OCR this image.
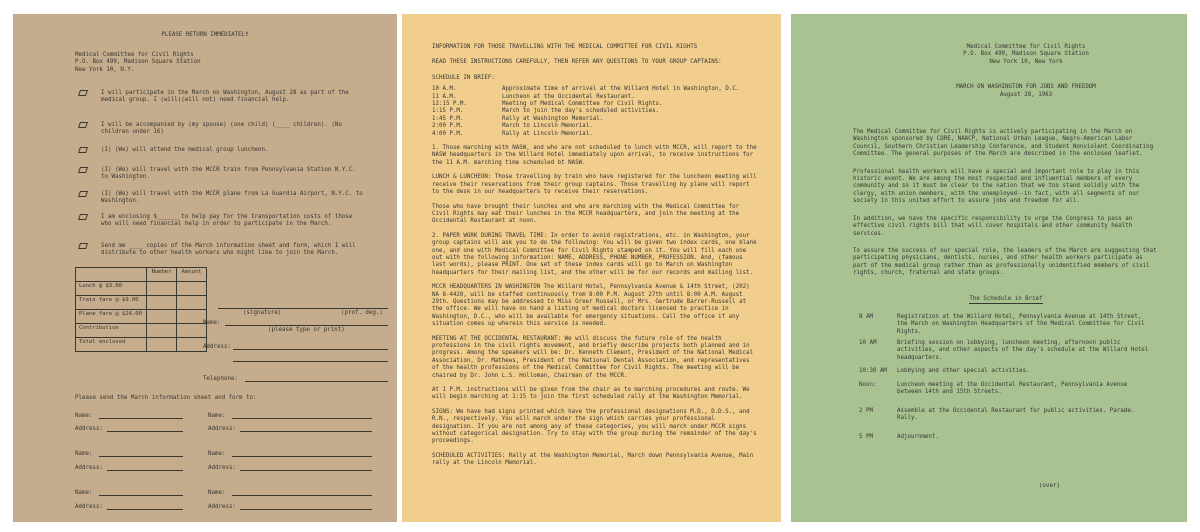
PLEASE RETURN IMMEDIATELY
Medical Committee for Civil Rights
P.O. Box 499, Madison Square Station
New York 10, N.Y.
I will participate in the March on Washington, August 28 as part of the medical group. I (will)(will not) need financial help.
I will be accompanied by (my spouse) (one child) (____ children). (No children under 16)
(I) (We) will attend the medical group luncheon.
(I) (We) will travel with the MCCR train from Pennsylvania Station N.Y.C. to Washington.
(I) (We) will travel with the MCCR plane from La Guardia Airport, N.Y.C. to Washington.
I am enclosing $______ to help pay for the transportation costs of those who will need financial help in order to participate in the March.
Send me ____ copies of the March information sheet and form, which I will distribute to other health workers who might like to join the March.
	Number	Amount
Lunch @ $3.00		
Train fare @ $9.00		
Plane fare @ $24.00		
Contribution		
Total enclosed		
(signature)	(prof. deg.)
Name:
(please type or print)
Address:
Telephone:
Please send the March information sheet and form to:
Name:
Address:
Name:
Address:
Name:
Address:
Name:
Address:
Name:
Address:
Name:
Address:

INFORMATION FOR THOSE TRAVELLING WITH THE MEDICAL COMMITTEE FOR CIVIL RIGHTS

READ THESE INSTRUCTIONS CAREFULLY, THEN REFER ANY QUESTIONS TO YOUR GROUP CAPTAINS:

SCHEDULE IN BRIEF:

10 A.M.	Approximate time of arrival at the Willard Hotel in Washington, D.C.
11 A.M.	Luncheon at the Occidental Restaurant.
12:15 P.M.	Meeting of Medical Committee for Civil Rights.
1:15 P.M.	March to join the day's scheduled activities.
1:45 P.M.	Rally at Washington Memorial.
2:00 P.M.	March to Lincoln Memorial.
4:00 P.M.	Rally at Lincoln Memorial.

1. Those marching with NASW, and who are not scheduled to lunch with MCCR, will report to the NASW headquarters in the Willard Hotel immediately upon arrival, to receive instructions for the 11 A.M. marching time scheduled bt NASW.

LUNCH & LUNCHEON: Those travelling by train who have registered for the luncheon meeting will receive their reservations from their group captains. Those travelling by plane will report to the desk in our headquarters to receive their reservations.

Those who have brought their lunches and who are marching with the Medical Committee for Civil Rights may eat their lunches in the MCCR headquarters, and join the meeting at the Occidental Restaurant at noon.

2. PAPER WORK DURING TRAVEL TIME: In order to avoid registrations, etc. in Washington, your group captains will ask you to do the following: You will be given two index cards, one blank one, and one with Medical Committee for Civil Rights stamped on it. You will fill each one out with the following information: NAME, ADDRESS, PHONE NUMBER, PROFESSION. And, (famous last words), please PRINT. One set of these index cards will go to March on Washington headquarters for their mailing list, and the other will be for our records and mailing list.

MCCR HEADQUARTERS IN WASHINGTON The Willard Hotel, Pennsylvania Avenue & 14th Street, (202) NA 8-4420, will be staffed continuously from 8:00 P.M. August 27th until 8:00 A.M. August 29th. Questions may be addressed to Miss Greer Russell, or Mrs. Gertrude Barrer-Russell at the office. We will have on hand a listing of medical doctors licensed to practice in Washington, D.C., who will be available for emergency situations. Call the office if any situation comes up wherein this service is needed.

MEETING AT THE OCCIDENTAL RESTAURANT: We will discuss the future role of the health professions in the civil rights movement, and briefly describe projects both planned and in progress. Among the speakers will be: Dr. Kenneth Clement, President of the National Medical Association, Dr. Mathews, President of the National Dental Association, and representatives of the health professions of the Medical Committee for Civil Rights. The meeting will be chaired by Dr. John L.S. Holloman, Chairman of the MCCR.

At 1 P.M. instructions will be given from the chair as to marching procedures and route. We will begin marching at 1:15 to join the first scheduled rally at the Washington Memorial.

SIGNS: We have had signs printed which have the professional designations M.D., D.D.S., and R.N., respectively. You will march under the sign which carries your professional designation. If you are not among any of these categories, you will march under MCCR signs without categorical designation. Try to stay with the group during the remainder of the day's proceedings.

SCHEDULED ACTIVITIES: Rally at the Washington Memorial, March down Pennsylvania Avenue, Main rally at the Lincoln Memorial.

Medical Committee for Civil Rights
P.O. Box 499, Madison Square Station
New York 10, New York
MARCH ON WASHINGTON FOR JOBS AND FREEDOM
August 28, 1963

The Medical Committee for Civil Rights is actively participating in the March on Washington sponsored by CORE, NAACP, National Urban League, Negro-American Labor Council, Southern Christian Leadership Conference, and Student Nonviolent Coordinating Committee. The general purposes of the March are described in the enclosed leaflet.

Professional health workers will have a special and important role to play in this historic event. We are among the most respected and influential members of every community and so it must be clear to the nation that we too stand solidly with the clergy, with union members, with the unemployed--in fact, with all segments of our society in this united effort to assure jobs and freedom for all.

In addition, we have the specific responsibility to urge the Congress to pass an effective civil rights bill that will cover hospitals and other community health services.

To assure the success of our special role, the leaders of the March are suggesting that participating physicians, dentists, nurses, and other health workers participate as part of the medical group rather than as professionally unidentified members of civil rights, church, fraternal and state groups.

The Schedule in Brief
8 AM	Registration at the Willard Hotel, Pennsylvania Avenue at 14th Street, the March on Washington Headquarters of the Medical Committee for Civil Rights.
10 AM	Briefing session on lobbying, luncheon meeting, afternoon public activities, and other aspects of the day's schedule at the Willard Hotel headquarters.
10:30 AM	Lobbying and other special activities.
Noon:	Luncheon meeting at the Occidental Restaurant, Pennsylvania Avenue between 14th and 15th Streets.
2 PM	Assemble at the Occidental Restaurant for public activities. Parade. Rally.
5 PM	Adjournment.
(over)
